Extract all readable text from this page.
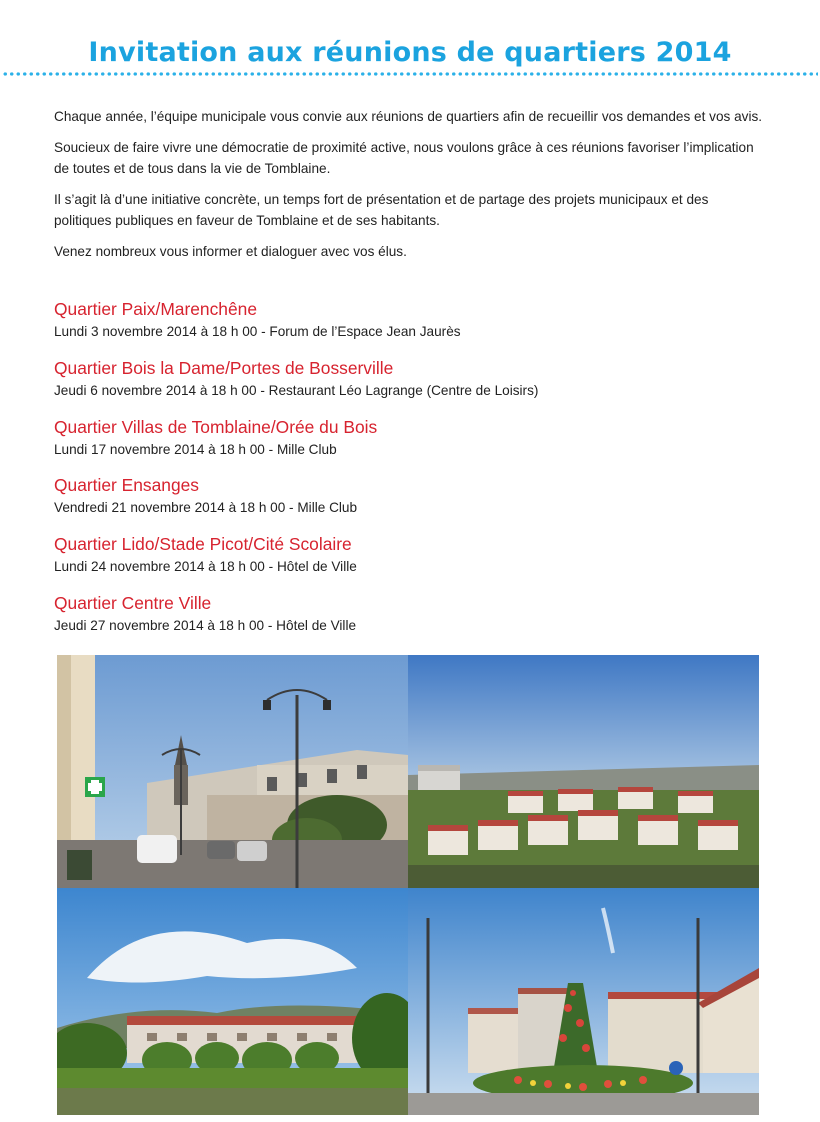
Invitation aux réunions de quartiers 2014

Chaque année, l’équipe municipale vous convie aux réunions de quartiers afin de recueillir vos demandes et vos avis.

Soucieux de faire vivre une démocratie de proximité active, nous voulons grâce à ces réunions favoriser l’implication de toutes et de tous dans la vie de Tomblaine.

Il s’agit là d’une initiative concrète, un temps fort de présentation et de partage des projets municipaux et des politiques publiques en faveur de Tomblaine et de ses habitants.

Venez nombreux vous informer et dialoguer avec vos élus.

Quartier Paix/Marenchêne
Lundi 3 novembre 2014 à 18 h 00 - Forum de l’Espace Jean Jaurès
Quartier Bois la Dame/Portes de Bosserville
Jeudi 6 novembre 2014 à 18 h 00 - Restaurant Léo Lagrange (Centre de Loisirs)
Quartier Villas de Tomblaine/Orée du Bois
Lundi 17 novembre 2014 à 18 h 00 - Mille Club
Quartier Ensanges
Vendredi 21 novembre 2014 à 18 h 00 - Mille Club
Quartier Lido/Stade Picot/Cité Scolaire
Lundi 24 novembre 2014 à 18 h 00 - Hôtel de Ville
Quartier Centre Ville
Jeudi 27 novembre 2014 à 18 h 00 - Hôtel de Ville
